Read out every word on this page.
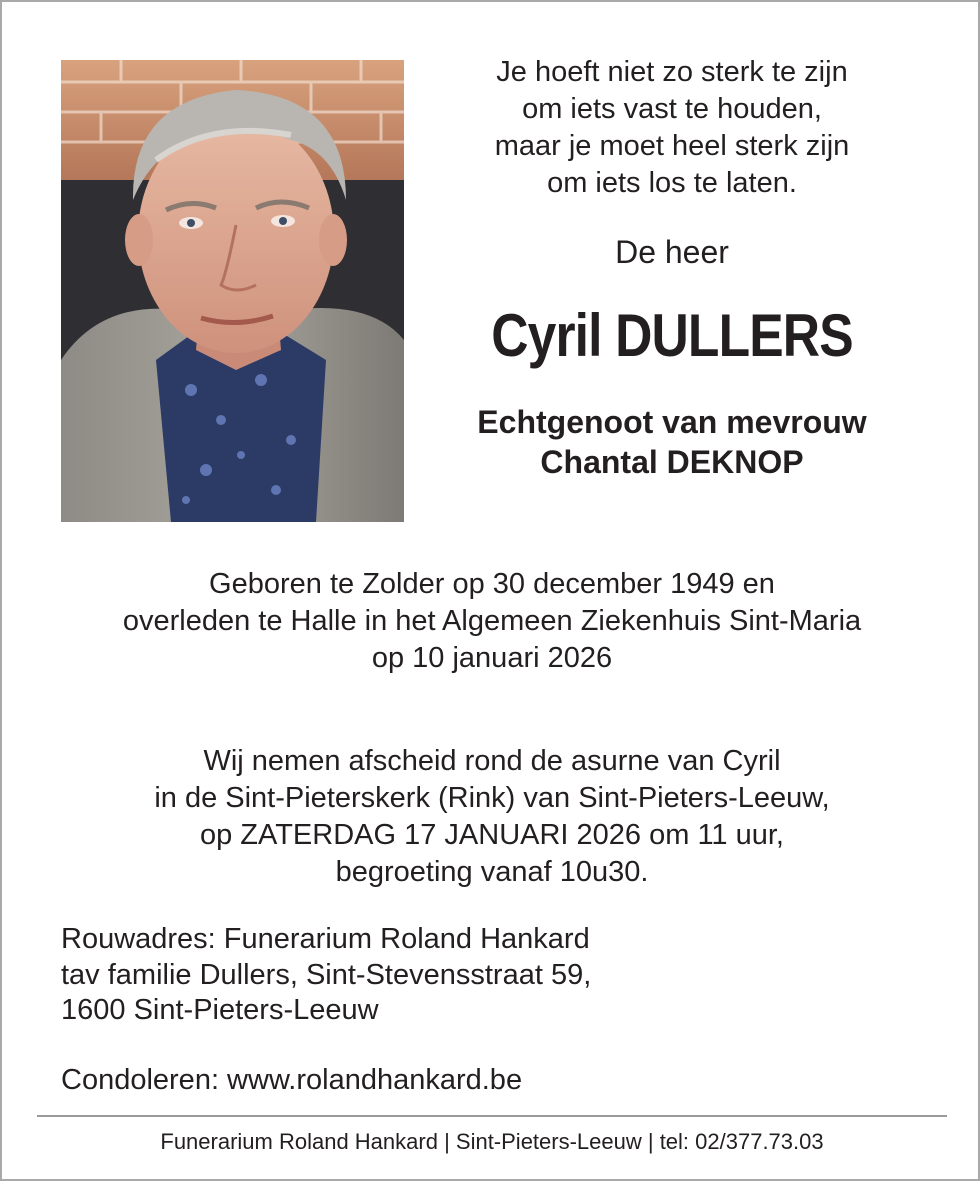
Je hoeft niet zo sterk te zijn
om iets vast te houden,
maar je moet heel sterk zijn
om iets los te laten.
De heer
Cyril DULLERS
Echtgenoot van mevrouw
Chantal DEKNOP
Geboren te Zolder op 30 december 1949 en
overleden te Halle in het Algemeen Ziekenhuis Sint-Maria
op 10 januari 2026
Wij nemen afscheid rond de asurne van Cyril
in de Sint-Pieterskerk (Rink) van Sint-Pieters-Leeuw,
op ZATERDAG 17 JANUARI 2026 om 11 uur,
begroeting vanaf 10u30.
Rouwadres: Funerarium Roland Hankard
tav familie Dullers, Sint-Stevensstraat 59,
1600 Sint-Pieters-Leeuw
Condoleren: www.rolandhankard.be
Funerarium Roland Hankard | Sint-Pieters-Leeuw | tel: 02/377.73.03
